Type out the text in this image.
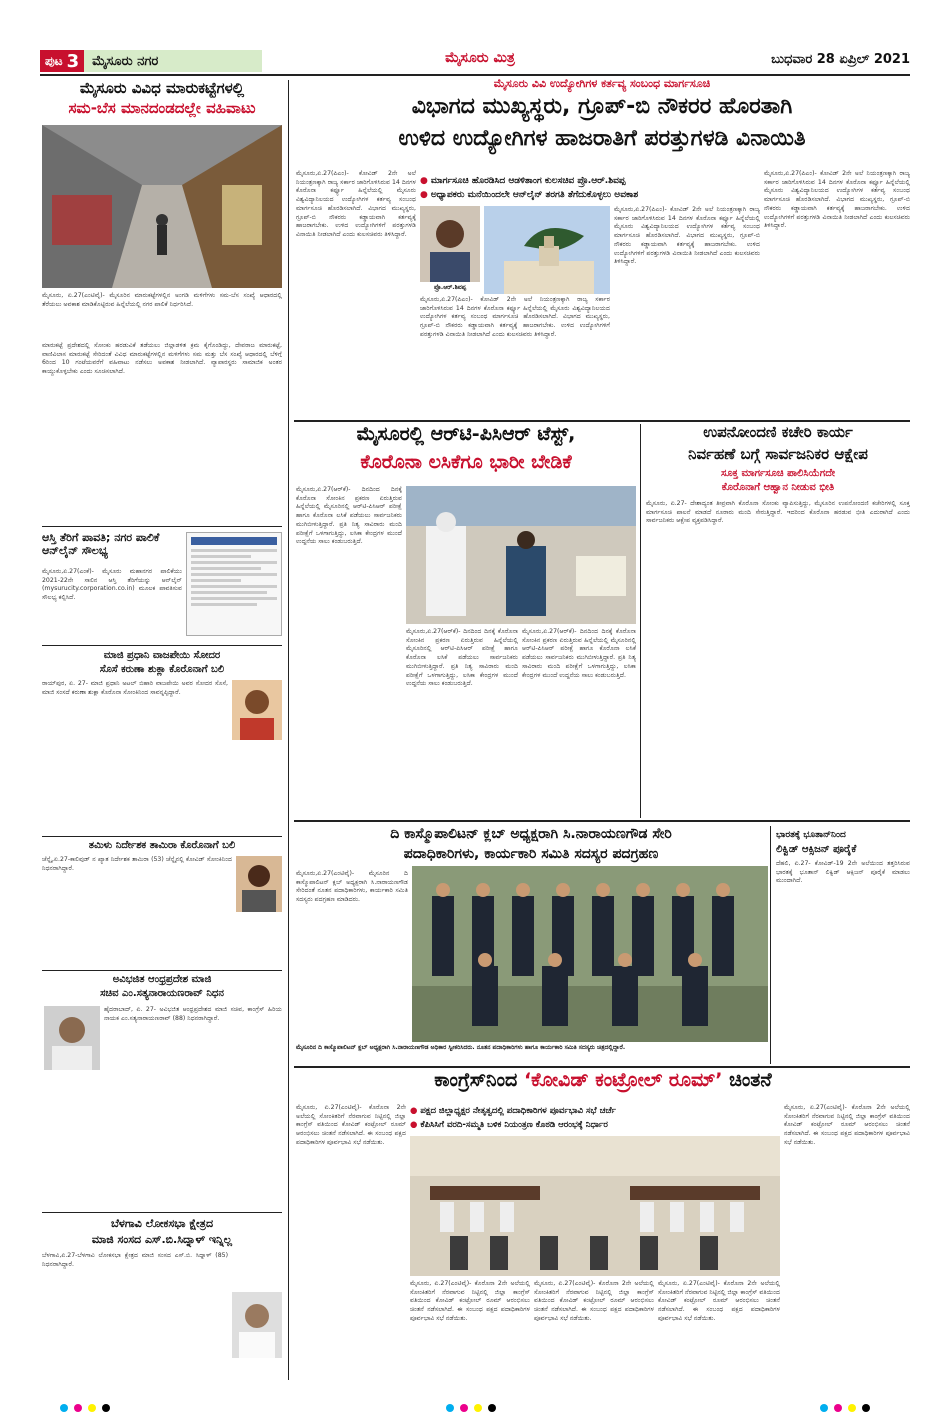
ಪುಟ 3	ಮೈಸೂರು ನಗರ	ಮೈಸೂರು ಮಿತ್ರ	ಬುಧವಾರ 28 ಏಪ್ರಿಲ್ 2021
ಮೈಸೂರು ವಿವಿಧ ಮಾರುಕಟ್ಟೆಗಳಲ್ಲಿ
ಸಮ-ಬೆಸ ಮಾನದಂಡದಲ್ಲೇ ವಹಿವಾಟು
ಮೈಸೂರು, ಏ.27(ಎಂಟಿವೈ)- ಮೈಸೂರಿನ ಮಾರುಕಟ್ಟೆಗಳಲ್ಲಿನ ಅಂಗಡಿ ಮಳಿಗೆಗಳು ಸಮ-ಬೆಸ ಸಂಖ್ಯೆ ಆಧಾರದಲ್ಲಿ ತೆರೆಯಲು ಅವಕಾಶ ಮಾಡಿಕೊಟ್ಟಿರುವ ಹಿನ್ನೆಲೆಯಲ್ಲಿ ನಗರ ಪಾಲಿಕೆ ನಿರ್ಧರಿಸಿದೆ.
ಮಾರುಕಟ್ಟೆ ಪ್ರದೇಶದಲ್ಲಿ ಸೋಂಕು ಹರಡುವಿಕೆ ತಡೆಯಲು ಜಿಲ್ಲಾಡಳಿತ ಕ್ರಮ ಕೈಗೊಂಡಿದ್ದು, ದೇವರಾಜ ಮಾರುಕಟ್ಟೆ, ವಾಣಿವಿಲಾಸ ಮಾರುಕಟ್ಟೆ ಸೇರಿದಂತೆ ವಿವಿಧ ಮಾರುಕಟ್ಟೆಗಳಲ್ಲಿನ ಮಳಿಗೆಗಳು ಸಮ ಮತ್ತು ಬೆಸ ಸಂಖ್ಯೆ ಆಧಾರದಲ್ಲಿ ಬೆಳಿಗ್ಗೆ 6ರಿಂದ 10 ಗಂಟೆಯವರೆಗೆ ವಹಿವಾಟು ನಡೆಸಲು ಅವಕಾಶ ನೀಡಲಾಗಿದೆ. ವ್ಯಾಪಾರಸ್ಥರು ಸಾಮಾಜಿಕ ಅಂತರ ಕಾಯ್ದುಕೊಳ್ಳಬೇಕು ಎಂದು ಸೂಚಿಸಲಾಗಿದೆ.
ಆಸ್ತಿ ತೆರಿಗೆ ಪಾವತಿ; ನಗರ ಪಾಲಿಕೆ ಆನ್‌ಲೈನ್ ಸೌಲಭ್ಯ
ಮೈಸೂರು,ಏ.27(ಎಂಕೆ)- ಮೈಸೂರು ಮಹಾನಗರ ಪಾಲಿಕೆಯು 2021-22ನೇ ಸಾಲಿನ ಆಸ್ತಿ ತೆರಿಗೆಯನ್ನು ಆನ್‌ಲೈನ್ (mysurucity.corporation.co.in) ಮೂಲಕ ಪಾವತಿಸುವ ಸೌಲಭ್ಯ ಕಲ್ಪಿಸಿದೆ.
ಮಾಜಿ ಪ್ರಧಾನಿ ವಾಜಪೇಯಿ ಸೋದರ
ಸೊಸೆ ಕರುಣಾ ಶುಕ್ಲಾ ಕೊರೊನಾಗೆ ಬಲಿ
ರಾಯ್‌ಪುರ, ಏ. 27- ಮಾಜಿ ಪ್ರಧಾನಿ ಅಟಲ್ ಬಿಹಾರಿ ವಾಜಪೇಯಿ ಅವರ ಸೋದರ ಸೊಸೆ, ಮಾಜಿ ಸಂಸದೆ ಕರುಣಾ ಶುಕ್ಲಾ ಕೊರೊನಾ ಸೋಂಕಿನಿಂದ ಸಾವನ್ನಪ್ಪಿದ್ದಾರೆ.
ತಮಿಳು ನಿರ್ದೇಶಕ ತಾಮಿರಾ ಕೊರೊನಾಗೆ ಬಲಿ
ಚೆನ್ನೈ,ಏ.27-ಕಾಲಿವುಡ್ ನ ಖ್ಯಾತ ನಿರ್ದೇಶಕ ತಾಮಿರಾ (53) ಚೆನ್ನೈನಲ್ಲಿ ಕೋವಿಡ್ ಸೋಂಕಿನಿಂದ ನಿಧನರಾಗಿದ್ದಾರೆ.
ಅವಿಭಜಿತ ಆಂಧ್ರಪ್ರದೇಶ ಮಾಜಿ
ಸಚಿವ ಎಂ.ಸತ್ಯನಾರಾಯಣರಾವ್ ನಿಧನ
ಹೈದರಾಬಾದ್, ಏ. 27- ಅವಿಭಜಿತ ಆಂಧ್ರಪ್ರದೇಶದ ಮಾಜಿ ಸಚಿವ, ಕಾಂಗ್ರೆಸ್ ಹಿರಿಯ ನಾಯಕ ಎಂ.ಸತ್ಯನಾರಾಯಣರಾವ್ (88) ನಿಧನರಾಗಿದ್ದಾರೆ.
ಬೆಳಗಾವಿ ಲೋಕಸಭಾ ಕ್ಷೇತ್ರದ
ಮಾಜಿ ಸಂಸದ ಎಸ್.ಬಿ.ಸಿದ್ನಾಳ್ ಇನ್ನಿಲ್ಲ
ಬೆಳಗಾವಿ,ಏ.27-ಬೆಳಗಾವಿ ಲೋಕಸಭಾ ಕ್ಷೇತ್ರದ ಮಾಜಿ ಸಂಸದ ಎಸ್.ಬಿ. ಸಿದ್ನಾಳ್ (85) ನಿಧನರಾಗಿದ್ದಾರೆ.
ಮೈಸೂರು ವಿವಿ ಉದ್ಯೋಗಿಗಳ ಕರ್ತವ್ಯ ಸಂಬಂಧ ಮಾರ್ಗಸೂಚಿ
ವಿಭಾಗದ ಮುಖ್ಯಸ್ಥರು, ಗ್ರೂಪ್-ಬಿ ನೌಕರರ ಹೊರತಾಗಿ
ಉಳಿದ ಉದ್ಯೋಗಿಗಳ ಹಾಜರಾತಿಗೆ ಪರತ್ತುಗಳಡಿ ವಿನಾಯಿತಿ
ಮೈಸೂರು,ಏ.27(ಪಿಎಂ)- ಕೋವಿಡ್ 2ನೇ ಅಲೆ ನಿಯಂತ್ರಣಕ್ಕಾಗಿ ರಾಜ್ಯ ಸರ್ಕಾರ ಜಾರಿಗೊಳಿಸಿರುವ 14 ದಿನಗಳ ಕೊರೊನಾ ಕರ್ಫ್ಯೂ ಹಿನ್ನೆಲೆಯಲ್ಲಿ ಮೈಸೂರು ವಿಶ್ವವಿದ್ಯಾನಿಲಯದ ಉದ್ಯೋಗಿಗಳ ಕರ್ತವ್ಯ ಸಂಬಂಧ ಮಾರ್ಗಸೂಚಿ ಹೊರಡಿಸಲಾಗಿದೆ. ವಿಭಾಗದ ಮುಖ್ಯಸ್ಥರು, ಗ್ರೂಪ್-ಬಿ ನೌಕರರು ಕಡ್ಡಾಯವಾಗಿ ಕರ್ತವ್ಯಕ್ಕೆ ಹಾಜರಾಗಬೇಕು. ಉಳಿದ ಉದ್ಯೋಗಿಗಳಿಗೆ ಪರತ್ತುಗಳಡಿ ವಿನಾಯಿತಿ ನೀಡಲಾಗಿದೆ ಎಂದು ಕುಲಸಚಿವರು ತಿಳಿಸಿದ್ದಾರೆ.
● ಮಾರ್ಗಸೂಚಿ ಹೊರಡಿಸಿದ ಆಡಳಿತಾಂಗ ಕುಲಸಚಿವ ಪ್ರೊ.ಆರ್.ಶಿವಪ್ಪ
● ಅಧ್ಯಾಪಕರು ಮನೆಯಿಂದಲೇ ಆನ್‌ಲೈನ್ ತರಗತಿ ತೆಗೆದುಕೊಳ್ಳಲು ಅವಕಾಶ
ಪ್ರೊ.ಆರ್.ಶಿವಪ್ಪ
ಮೈಸೂರು,ಏ.27(ಪಿಎಂ)- ಕೋವಿಡ್ 2ನೇ ಅಲೆ ನಿಯಂತ್ರಣಕ್ಕಾಗಿ ರಾಜ್ಯ ಸರ್ಕಾರ ಜಾರಿಗೊಳಿಸಿರುವ 14 ದಿನಗಳ ಕೊರೊನಾ ಕರ್ಫ್ಯೂ ಹಿನ್ನೆಲೆಯಲ್ಲಿ ಮೈಸೂರು ವಿಶ್ವವಿದ್ಯಾನಿಲಯದ ಉದ್ಯೋಗಿಗಳ ಕರ್ತವ್ಯ ಸಂಬಂಧ ಮಾರ್ಗಸೂಚಿ ಹೊರಡಿಸಲಾಗಿದೆ. ವಿಭಾಗದ ಮುಖ್ಯಸ್ಥರು, ಗ್ರೂಪ್-ಬಿ ನೌಕರರು ಕಡ್ಡಾಯವಾಗಿ ಕರ್ತವ್ಯಕ್ಕೆ ಹಾಜರಾಗಬೇಕು. ಉಳಿದ ಉದ್ಯೋಗಿಗಳಿಗೆ ಪರತ್ತುಗಳಡಿ ವಿನಾಯಿತಿ ನೀಡಲಾಗಿದೆ ಎಂದು ಕುಲಸಚಿವರು ತಿಳಿಸಿದ್ದಾರೆ.
ಮೈಸೂರು,ಏ.27(ಪಿಎಂ)- ಕೋವಿಡ್ 2ನೇ ಅಲೆ ನಿಯಂತ್ರಣಕ್ಕಾಗಿ ರಾಜ್ಯ ಸರ್ಕಾರ ಜಾರಿಗೊಳಿಸಿರುವ 14 ದಿನಗಳ ಕೊರೊನಾ ಕರ್ಫ್ಯೂ ಹಿನ್ನೆಲೆಯಲ್ಲಿ ಮೈಸೂರು ವಿಶ್ವವಿದ್ಯಾನಿಲಯದ ಉದ್ಯೋಗಿಗಳ ಕರ್ತವ್ಯ ಸಂಬಂಧ ಮಾರ್ಗಸೂಚಿ ಹೊರಡಿಸಲಾಗಿದೆ. ವಿಭಾಗದ ಮುಖ್ಯಸ್ಥರು, ಗ್ರೂಪ್-ಬಿ ನೌಕರರು ಕಡ್ಡಾಯವಾಗಿ ಕರ್ತವ್ಯಕ್ಕೆ ಹಾಜರಾಗಬೇಕು. ಉಳಿದ ಉದ್ಯೋಗಿಗಳಿಗೆ ಪರತ್ತುಗಳಡಿ ವಿನಾಯಿತಿ ನೀಡಲಾಗಿದೆ ಎಂದು ಕುಲಸಚಿವರು ತಿಳಿಸಿದ್ದಾರೆ.
ಮೈಸೂರು,ಏ.27(ಪಿಎಂ)- ಕೋವಿಡ್ 2ನೇ ಅಲೆ ನಿಯಂತ್ರಣಕ್ಕಾಗಿ ರಾಜ್ಯ ಸರ್ಕಾರ ಜಾರಿಗೊಳಿಸಿರುವ 14 ದಿನಗಳ ಕೊರೊನಾ ಕರ್ಫ್ಯೂ ಹಿನ್ನೆಲೆಯಲ್ಲಿ ಮೈಸೂರು ವಿಶ್ವವಿದ್ಯಾನಿಲಯದ ಉದ್ಯೋಗಿಗಳ ಕರ್ತವ್ಯ ಸಂಬಂಧ ಮಾರ್ಗಸೂಚಿ ಹೊರಡಿಸಲಾಗಿದೆ. ವಿಭಾಗದ ಮುಖ್ಯಸ್ಥರು, ಗ್ರೂಪ್-ಬಿ ನೌಕರರು ಕಡ್ಡಾಯವಾಗಿ ಕರ್ತವ್ಯಕ್ಕೆ ಹಾಜರಾಗಬೇಕು. ಉಳಿದ ಉದ್ಯೋಗಿಗಳಿಗೆ ಪರತ್ತುಗಳಡಿ ವಿನಾಯಿತಿ ನೀಡಲಾಗಿದೆ ಎಂದು ಕುಲಸಚಿವರು ತಿಳಿಸಿದ್ದಾರೆ.
ಮೈಸೂರಲ್ಲಿ ಆರ್‌ಟಿ-ಪಿಸಿಆರ್ ಟೆಸ್ಟ್,
ಕೊರೊನಾ ಲಸಿಕೆಗೂ ಭಾರೀ ಬೇಡಿಕೆ
ಮೈಸೂರು,ಏ.27(ಆರ್‌ಕೆ)- ದಿನದಿಂದ ದಿನಕ್ಕೆ ಕೊರೊನಾ ಸೋಂಕಿನ ಪ್ರಕರಣ ಏರುತ್ತಿರುವ ಹಿನ್ನೆಲೆಯಲ್ಲಿ ಮೈಸೂರಿನಲ್ಲಿ ಆರ್‌ಟಿ-ಪಿಸಿಆರ್ ಪರೀಕ್ಷೆ ಹಾಗೂ ಕೊರೊನಾ ಲಸಿಕೆ ಪಡೆಯಲು ಸಾರ್ವಜನಿಕರು ಮುಗಿಬೀಳುತ್ತಿದ್ದಾರೆ. ಪ್ರತಿ ನಿತ್ಯ ಸಾವಿರಾರು ಮಂದಿ ಪರೀಕ್ಷೆಗೆ ಒಳಗಾಗುತ್ತಿದ್ದು, ಲಸಿಕಾ ಕೇಂದ್ರಗಳ ಮುಂದೆ ಉದ್ದನೆಯ ಸಾಲು ಕಂಡುಬರುತ್ತಿದೆ.
ಮೈಸೂರು,ಏ.27(ಆರ್‌ಕೆ)- ದಿನದಿಂದ ದಿನಕ್ಕೆ ಕೊರೊನಾ ಸೋಂಕಿನ ಪ್ರಕರಣ ಏರುತ್ತಿರುವ ಹಿನ್ನೆಲೆಯಲ್ಲಿ ಮೈಸೂರಿನಲ್ಲಿ ಆರ್‌ಟಿ-ಪಿಸಿಆರ್ ಪರೀಕ್ಷೆ ಹಾಗೂ ಕೊರೊನಾ ಲಸಿಕೆ ಪಡೆಯಲು ಸಾರ್ವಜನಿಕರು ಮುಗಿಬೀಳುತ್ತಿದ್ದಾರೆ. ಪ್ರತಿ ನಿತ್ಯ ಸಾವಿರಾರು ಮಂದಿ ಪರೀಕ್ಷೆಗೆ ಒಳಗಾಗುತ್ತಿದ್ದು, ಲಸಿಕಾ ಕೇಂದ್ರಗಳ ಮುಂದೆ ಉದ್ದನೆಯ ಸಾಲು ಕಂಡುಬರುತ್ತಿದೆ.
ಮೈಸೂರು,ಏ.27(ಆರ್‌ಕೆ)- ದಿನದಿಂದ ದಿನಕ್ಕೆ ಕೊರೊನಾ ಸೋಂಕಿನ ಪ್ರಕರಣ ಏರುತ್ತಿರುವ ಹಿನ್ನೆಲೆಯಲ್ಲಿ ಮೈಸೂರಿನಲ್ಲಿ ಆರ್‌ಟಿ-ಪಿಸಿಆರ್ ಪರೀಕ್ಷೆ ಹಾಗೂ ಕೊರೊನಾ ಲಸಿಕೆ ಪಡೆಯಲು ಸಾರ್ವಜನಿಕರು ಮುಗಿಬೀಳುತ್ತಿದ್ದಾರೆ. ಪ್ರತಿ ನಿತ್ಯ ಸಾವಿರಾರು ಮಂದಿ ಪರೀಕ್ಷೆಗೆ ಒಳಗಾಗುತ್ತಿದ್ದು, ಲಸಿಕಾ ಕೇಂದ್ರಗಳ ಮುಂದೆ ಉದ್ದನೆಯ ಸಾಲು ಕಂಡುಬರುತ್ತಿದೆ.
ಉಪನೋಂದಣಿ ಕಚೇರಿ ಕಾರ್ಯ
ನಿರ್ವಹಣೆ ಬಗ್ಗೆ ಸಾರ್ವಜನಿಕರ ಆಕ್ಷೇಪ
ಸೂಕ್ತ ಮಾರ್ಗಸೂಚಿ ಪಾಲಿಸಿಯೆಗದೇ
ಕೊರೊನಾಗೆ ಆಹ್ವಾನ ನೀಡುವ ಭೀತಿ
ಮೈಸೂರು, ಏ.27- ದೇಶಾದ್ಯಂತ ತೀವ್ರವಾಗಿ ಕೊರೊನಾ ಸೋಂಕು ವ್ಯಾಪಿಸುತ್ತಿದ್ದು, ಮೈಸೂರಿನ ಉಪನೋಂದಣಿ ಕಚೇರಿಗಳಲ್ಲಿ ಸೂಕ್ತ ಮಾರ್ಗಸೂಚಿ ಪಾಲನೆ ಮಾಡದೆ ನೂರಾರು ಮಂದಿ ಸೇರುತ್ತಿದ್ದಾರೆ. ಇದರಿಂದ ಕೊರೊನಾ ಹರಡುವ ಭೀತಿ ಎದುರಾಗಿದೆ ಎಂದು ಸಾರ್ವಜನಿಕರು ಆಕ್ಷೇಪ ವ್ಯಕ್ತಪಡಿಸಿದ್ದಾರೆ.
ದಿ ಕಾಸ್ಮೊಪಾಲಿಟನ್ ಕ್ಲಬ್ ಅಧ್ಯಕ್ಷರಾಗಿ ಸಿ.ನಾರಾಯಣಗೌಡ ಸೇರಿ
ಪದಾಧಿಕಾರಿಗಳು, ಕಾರ್ಯಕಾರಿ ಸಮಿತಿ ಸದಸ್ಯರ ಪದಗ್ರಹಣ
ಮೈಸೂರು,ಏ.27(ಎಂಟಿವೈ)- ಮೈಸೂರಿನ ದಿ ಕಾಸ್ಮೊಪಾಲಿಟನ್ ಕ್ಲಬ್ ಅಧ್ಯಕ್ಷರಾಗಿ ಸಿ.ನಾರಾಯಣಗೌಡ ಸೇರಿದಂತೆ ನೂತನ ಪದಾಧಿಕಾರಿಗಳು, ಕಾರ್ಯಕಾರಿ ಸಮಿತಿ ಸದಸ್ಯರು ಪದಗ್ರಹಣ ಮಾಡಿದರು.
ಮೈಸೂರಿನ ದಿ ಕಾಸ್ಮೊಪಾಲಿಟನ್ ಕ್ಲಬ್ ಅಧ್ಯಕ್ಷರಾಗಿ ಸಿ.ನಾರಾಯಣಗೌಡ ಅಧಿಕಾರ ಸ್ವೀಕರಿಸಿದರು. ನೂತನ ಪದಾಧಿಕಾರಿಗಳು ಹಾಗೂ ಕಾರ್ಯಕಾರಿ ಸಮಿತಿ ಸದಸ್ಯರು ಚಿತ್ರದಲ್ಲಿದ್ದಾರೆ.
ಭಾರತಕ್ಕೆ ಭೂತಾನ್‌ನಿಂದ
ಲಿಕ್ವಿಡ್ ಆಕ್ಸಿಜನ್ ಪೂರೈಕೆ
ದೆಹಲಿ, ಏ.27- ಕೋವಿಡ್-19 2ನೇ ಅಲೆಯಿಂದ ತತ್ತರಿಸಿರುವ ಭಾರತಕ್ಕೆ ಭೂತಾನ್ ಲಿಕ್ವಿಡ್ ಆಕ್ಸಿಜನ್ ಪೂರೈಕೆ ಮಾಡಲು ಮುಂದಾಗಿದೆ.
ಕಾಂಗ್ರೆಸ್‌ನಿಂದ ‘ಕೋವಿಡ್ ಕಂಟ್ರೋಲ್ ರೂಮ್’ ಚಿಂತನೆ
ಮೈಸೂರು, ಏ.27(ಎಂಟಿವೈ)- ಕೊರೊನಾ 2ನೇ ಅಲೆಯಲ್ಲಿ ಸೋಂಕಿತರಿಗೆ ನೆರವಾಗುವ ನಿಟ್ಟಿನಲ್ಲಿ ಜಿಲ್ಲಾ ಕಾಂಗ್ರೆಸ್ ವತಿಯಿಂದ ಕೋವಿಡ್ ಕಂಟ್ರೋಲ್ ರೂಮ್ ಆರಂಭಿಸಲು ಚಿಂತನೆ ನಡೆಸಲಾಗಿದೆ. ಈ ಸಂಬಂಧ ಪಕ್ಷದ ಪದಾಧಿಕಾರಿಗಳ ಪೂರ್ವಭಾವಿ ಸಭೆ ನಡೆಯಿತು.
● ಪಕ್ಷದ ಜಿಲ್ಲಾಧ್ಯಕ್ಷರ ನೇತೃತ್ವದಲ್ಲಿ ಪದಾಧಿಕಾರಿಗಳ ಪೂರ್ವಭಾವಿ ಸಭೆ ಚರ್ಚೆ
● ಕೆಪಿಸಿಸಿಗೆ ವರದಿ-ಸಮ್ಮತಿ ಬಳಿಕ ನಿಯಂತ್ರಣ ಕೊಠಡಿ ಆರಂಭಕ್ಕೆ ನಿರ್ಧಾರ
ಮೈಸೂರು, ಏ.27(ಎಂಟಿವೈ)- ಕೊರೊನಾ 2ನೇ ಅಲೆಯಲ್ಲಿ ಸೋಂಕಿತರಿಗೆ ನೆರವಾಗುವ ನಿಟ್ಟಿನಲ್ಲಿ ಜಿಲ್ಲಾ ಕಾಂಗ್ರೆಸ್ ವತಿಯಿಂದ ಕೋವಿಡ್ ಕಂಟ್ರೋಲ್ ರೂಮ್ ಆರಂಭಿಸಲು ಚಿಂತನೆ ನಡೆಸಲಾಗಿದೆ. ಈ ಸಂಬಂಧ ಪಕ್ಷದ ಪದಾಧಿಕಾರಿಗಳ ಪೂರ್ವಭಾವಿ ಸಭೆ ನಡೆಯಿತು.
ಮೈಸೂರು, ಏ.27(ಎಂಟಿವೈ)- ಕೊರೊನಾ 2ನೇ ಅಲೆಯಲ್ಲಿ ಸೋಂಕಿತರಿಗೆ ನೆರವಾಗುವ ನಿಟ್ಟಿನಲ್ಲಿ ಜಿಲ್ಲಾ ಕಾಂಗ್ರೆಸ್ ವತಿಯಿಂದ ಕೋವಿಡ್ ಕಂಟ್ರೋಲ್ ರೂಮ್ ಆರಂಭಿಸಲು ಚಿಂತನೆ ನಡೆಸಲಾಗಿದೆ. ಈ ಸಂಬಂಧ ಪಕ್ಷದ ಪದಾಧಿಕಾರಿಗಳ ಪೂರ್ವಭಾವಿ ಸಭೆ ನಡೆಯಿತು.
ಮೈಸೂರು, ಏ.27(ಎಂಟಿವೈ)- ಕೊರೊನಾ 2ನೇ ಅಲೆಯಲ್ಲಿ ಸೋಂಕಿತರಿಗೆ ನೆರವಾಗುವ ನಿಟ್ಟಿನಲ್ಲಿ ಜಿಲ್ಲಾ ಕಾಂಗ್ರೆಸ್ ವತಿಯಿಂದ ಕೋವಿಡ್ ಕಂಟ್ರೋಲ್ ರೂಮ್ ಆರಂಭಿಸಲು ಚಿಂತನೆ ನಡೆಸಲಾಗಿದೆ. ಈ ಸಂಬಂಧ ಪಕ್ಷದ ಪದಾಧಿಕಾರಿಗಳ ಪೂರ್ವಭಾವಿ ಸಭೆ ನಡೆಯಿತು.
ಮೈಸೂರು, ಏ.27(ಎಂಟಿವೈ)- ಕೊರೊನಾ 2ನೇ ಅಲೆಯಲ್ಲಿ ಸೋಂಕಿತರಿಗೆ ನೆರವಾಗುವ ನಿಟ್ಟಿನಲ್ಲಿ ಜಿಲ್ಲಾ ಕಾಂಗ್ರೆಸ್ ವತಿಯಿಂದ ಕೋವಿಡ್ ಕಂಟ್ರೋಲ್ ರೂಮ್ ಆರಂಭಿಸಲು ಚಿಂತನೆ ನಡೆಸಲಾಗಿದೆ. ಈ ಸಂಬಂಧ ಪಕ್ಷದ ಪದಾಧಿಕಾರಿಗಳ ಪೂರ್ವಭಾವಿ ಸಭೆ ನಡೆಯಿತು.
